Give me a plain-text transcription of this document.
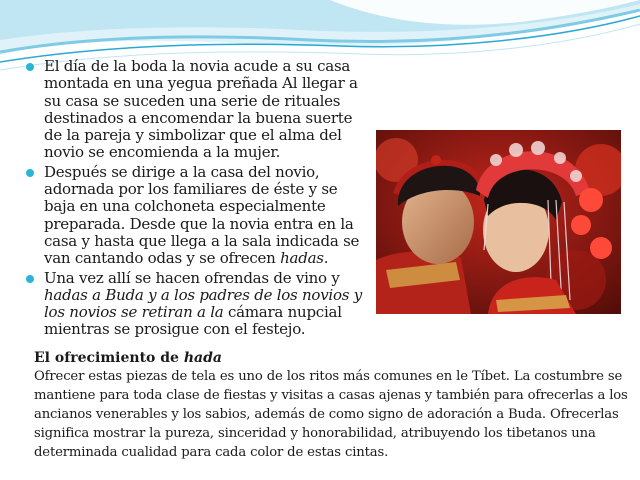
El día de la boda la novia acude a su casa montada en una yegua preñada Al llegar a su casa se suceden una serie de rituales destinados a encomendar la buena suerte de la pareja y simbolizar que el alma del novio se encomienda a la mujer.
Después se dirige a la casa del novio, adornada por los familiares de éste y se baja en una colchoneta especialmente preparada. Desde que la novia entra en la casa y hasta que llega a la sala indicada se van cantando odas y se ofrecen hadas.
Una vez allí se hacen ofrendas de vino y hadas a Buda y a los padres de los novios y los novios se retiran a la cámara nupcial mientras se prosigue con el festejo.

El ofrecimiento de hada

Ofrecer estas piezas de tela es uno de los ritos más comunes en le Tíbet. La costumbre se mantiene para toda clase de fiestas y visitas a casas ajenas y también para ofrecerlas a los ancianos venerables y los sabios, además de como signo de adoración a Buda. Ofrecerlas significa mostrar la pureza, sinceridad y honorabilidad, atribuyendo los tibetanos una determinada cualidad para cada color de estas cintas.
